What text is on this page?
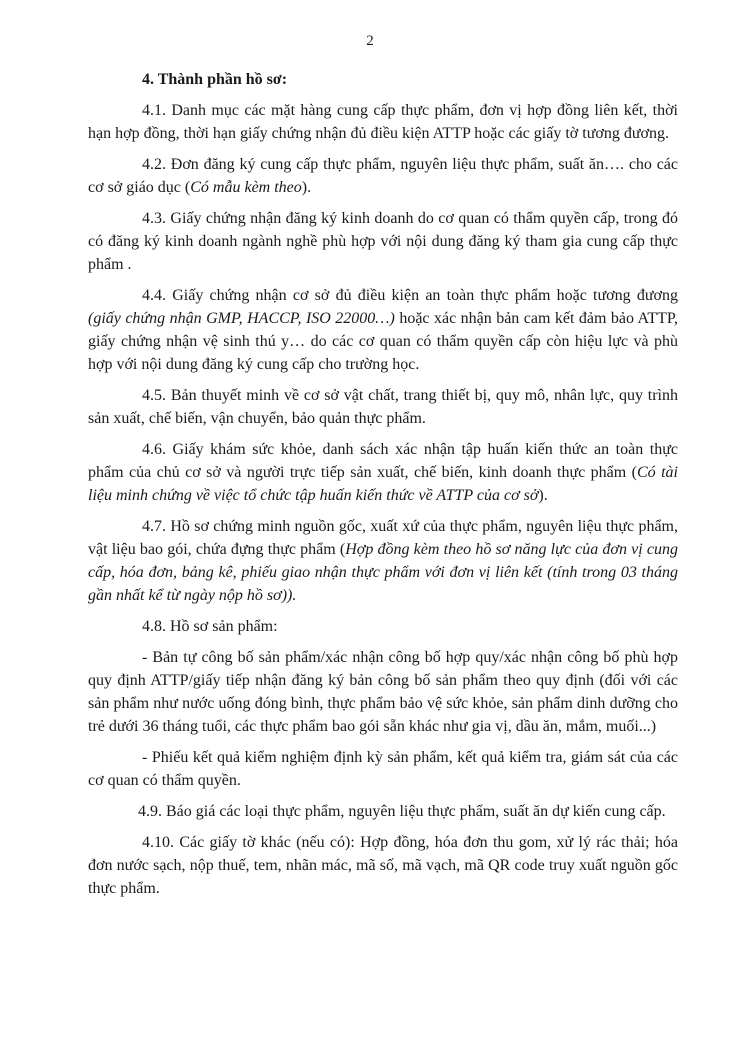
2
4. Thành phần hồ sơ:

4.1. Danh mục các mặt hàng cung cấp thực phẩm, đơn vị hợp đồng liên kết, thời hạn hợp đồng, thời hạn giấy chứng nhận đủ điều kiện ATTP hoặc các giấy tờ tương đương.

4.2. Đơn đăng ký cung cấp thực phẩm, nguyên liệu thực phẩm, suất ăn…. cho các cơ sở giáo dục (Có mẫu kèm theo).

4.3. Giấy chứng nhận đăng ký kinh doanh do cơ quan có thẩm quyền cấp, trong đó có đăng ký kinh doanh ngành nghề phù hợp với nội dung đăng ký tham gia cung cấp thực phẩm .

4.4. Giấy chứng nhận cơ sở đủ điều kiện an toàn thực phẩm hoặc tương đương (giấy chứng nhận GMP, HACCP, ISO 22000…) hoặc xác nhận bản cam kết đảm bảo ATTP, giấy chứng nhận vệ sinh thú y… do các cơ quan có thẩm quyền cấp còn hiệu lực và phù hợp với nội dung đăng ký cung cấp cho trường học.

4.5. Bản thuyết minh về cơ sở vật chất, trang thiết bị, quy mô, nhân lực, quy trình sản xuất, chế biến, vận chuyển, bảo quản thực phẩm.

4.6. Giấy khám sức khỏe, danh sách xác nhận tập huấn kiến thức an toàn thực phẩm của chủ cơ sở và người trực tiếp sản xuất, chế biến, kinh doanh thực phẩm (Có tài liệu minh chứng về việc tổ chức tập huấn kiến thức về ATTP của cơ sở).

4.7. Hồ sơ chứng minh nguồn gốc, xuất xứ của thực phẩm, nguyên liệu thực phẩm, vật liệu bao gói, chứa đựng thực phẩm (Hợp đồng kèm theo hồ sơ năng lực của đơn vị cung cấp, hóa đơn, bảng kê, phiếu giao nhận thực phẩm với đơn vị liên kết (tính trong 03 tháng gần nhất kể từ ngày nộp hồ sơ)).

4.8. Hồ sơ sản phẩm:

- Bản tự công bố sản phẩm/xác nhận công bố hợp quy/xác nhận công bố phù hợp quy định ATTP/giấy tiếp nhận đăng ký bản công bố sản phẩm theo quy định (đối với các sản phẩm như nước uống đóng bình, thực phẩm bảo vệ sức khỏe, sản phẩm dinh dưỡng cho trẻ dưới 36 tháng tuổi, các thực phẩm bao gói sẵn khác như gia vị, dầu ăn, mắm, muối...)

- Phiếu kết quả kiểm nghiệm định kỳ sản phẩm, kết quả kiểm tra, giám sát của các cơ quan có thẩm quyền.

4.9. Báo giá các loại thực phẩm, nguyên liệu thực phẩm, suất ăn dự kiến cung cấp.

4.10. Các giấy tờ khác (nếu có): Hợp đồng, hóa đơn thu gom, xử lý rác thải; hóa đơn nước sạch, nộp thuế, tem, nhãn mác, mã số, mã vạch, mã QR code truy xuất nguồn gốc thực phẩm.
